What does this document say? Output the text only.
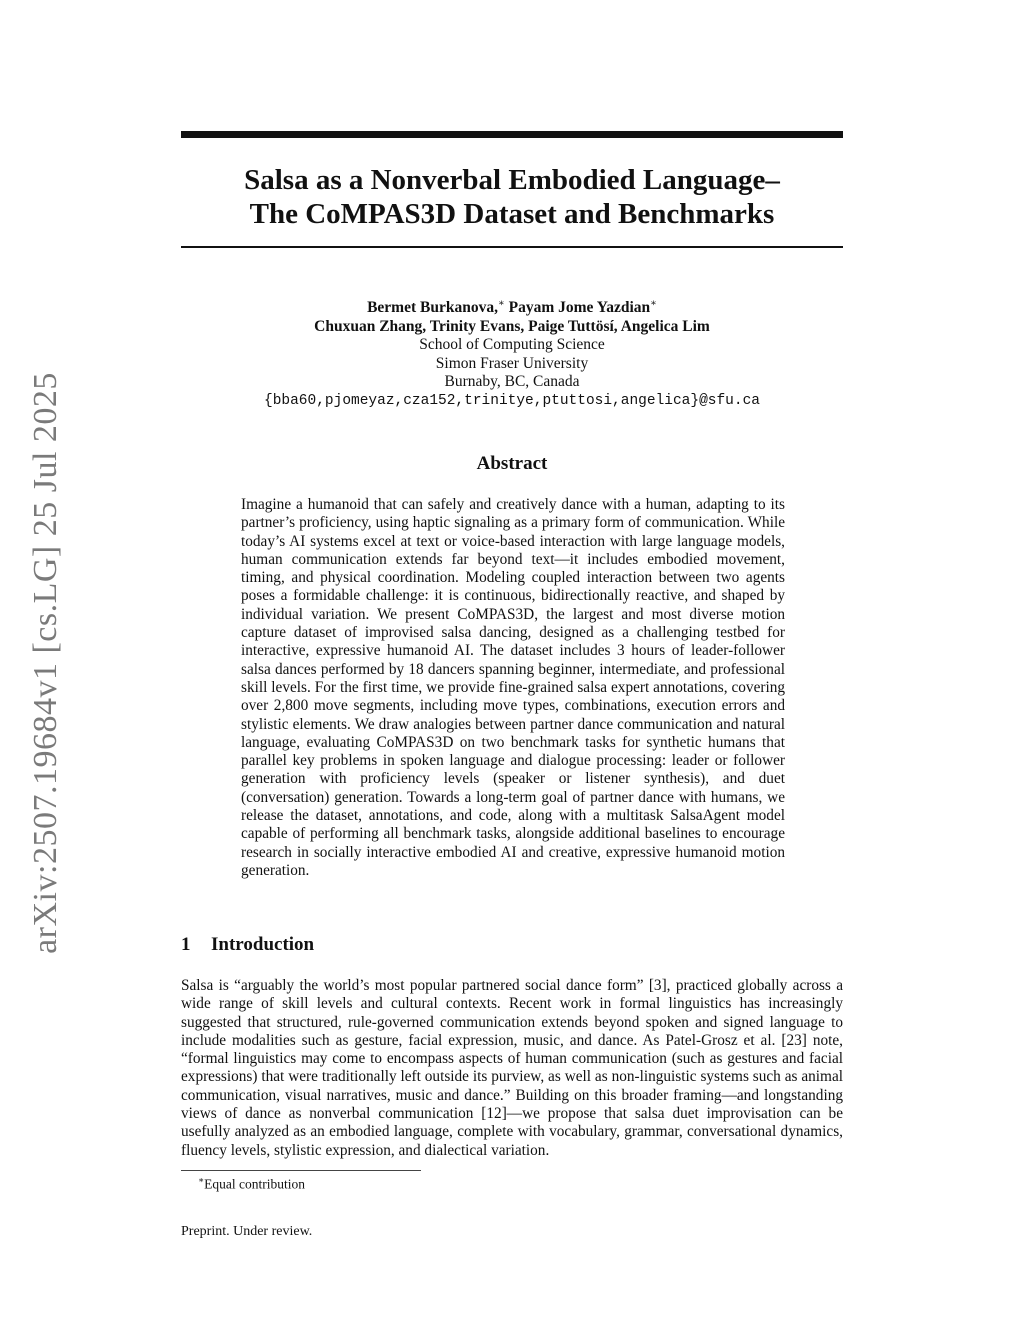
arXiv:2507.19684v1 [cs.LG] 25 Jul 2025
Salsa as a Nonverbal Embodied Language–
The CoMPAS3D Dataset and Benchmarks
Bermet Burkanova,∗ Payam Jome Yazdian∗
Chuxuan Zhang, Trinity Evans, Paige Tuttösí, Angelica Lim
School of Computing Science
Simon Fraser University
Burnaby, BC, Canada
{bba60,pjomeyaz,cza152,trinitye,ptuttosi,angelica}@sfu.ca
Abstract
Imagine a humanoid that can safely and creatively dance with a human, adapting to its partner’s proficiency, using haptic signaling as a primary form of communication. While today’s AI systems excel at text or voice-based interaction with large language models, human communication extends far beyond text—it includes embodied movement, timing, and physical coordination. Modeling coupled interaction between two agents poses a formidable challenge: it is continuous, bidirectionally reactive, and shaped by individual variation. We present CoMPAS3D, the largest and most diverse motion capture dataset of improvised salsa dancing, designed as a challenging testbed for interactive, expressive humanoid AI. The dataset includes 3 hours of leader-follower salsa dances performed by 18 dancers spanning beginner, intermediate, and professional skill levels. For the first time, we provide fine-grained salsa expert annotations, covering over 2,800 move segments, including move types, combinations, execution errors and stylistic elements. We draw analogies between partner dance communication and natural language, evaluating CoMPAS3D on two benchmark tasks for synthetic humans that parallel key problems in spoken language and dialogue processing: leader or follower generation with proficiency levels (speaker or listener synthesis), and duet (conversation) generation. Towards a long-term goal of partner dance with humans, we release the dataset, annotations, and code, along with a multitask SalsaAgent model capable of performing all benchmark tasks, alongside additional baselines to encourage research in socially interactive embodied AI and creative, expressive humanoid motion generation.
1 Introduction
Salsa is “arguably the world’s most popular partnered social dance form” [3], practiced globally across a wide range of skill levels and cultural contexts. Recent work in formal linguistics has increasingly suggested that structured, rule-governed communication extends beyond spoken and signed language to include modalities such as gesture, facial expression, music, and dance. As Patel-Grosz et al. [23] note, “formal linguistics may come to encompass aspects of human communication (such as gestures and facial expressions) that were traditionally left outside its purview, as well as non-linguistic systems such as animal communication, visual narratives, music and dance.” Building on this broader framing—and longstanding views of dance as nonverbal communication [12]—we propose that salsa duet improvisation can be usefully analyzed as an embodied language, complete with vocabulary, grammar, conversational dynamics, fluency levels, stylistic expression, and dialectical variation.
∗Equal contribution
Preprint. Under review.
